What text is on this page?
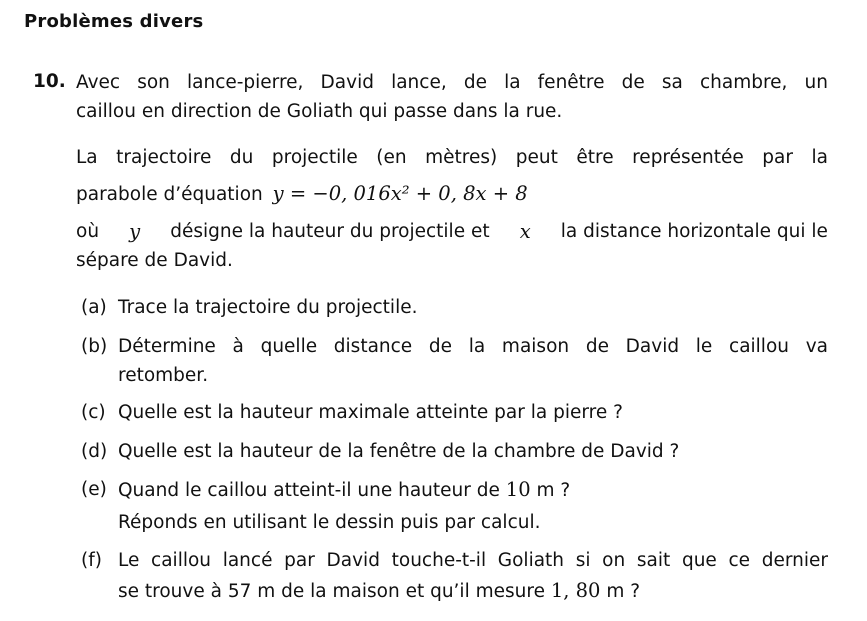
Problèmes divers
10. Avec son lance-pierre, David lance, de la fenêtre de sa chambre, un
caillou en direction de Goliath qui passe dans la rue.
La trajectoire du projectile (en mètres) peut être représentée par la
parabole d’équation y = −0, 016x² + 0, 8x + 8
où y désigne la hauteur du projectile et x la distance horizontale qui le
sépare de David.
(a) Trace la trajectoire du projectile.
(b) Détermine à quelle distance de la maison de David le caillou va
retomber.
(c) Quelle est la hauteur maximale atteinte par la pierre ?
(d) Quelle est la hauteur de la fenêtre de la chambre de David ?
(e) Quand le caillou atteint-il une hauteur de 10 m ?
Réponds en utilisant le dessin puis par calcul.
(f) Le caillou lancé par David touche-t-il Goliath si on sait que ce dernier
se trouve à 57 m de la maison et qu’il mesure 1, 80 m ?
